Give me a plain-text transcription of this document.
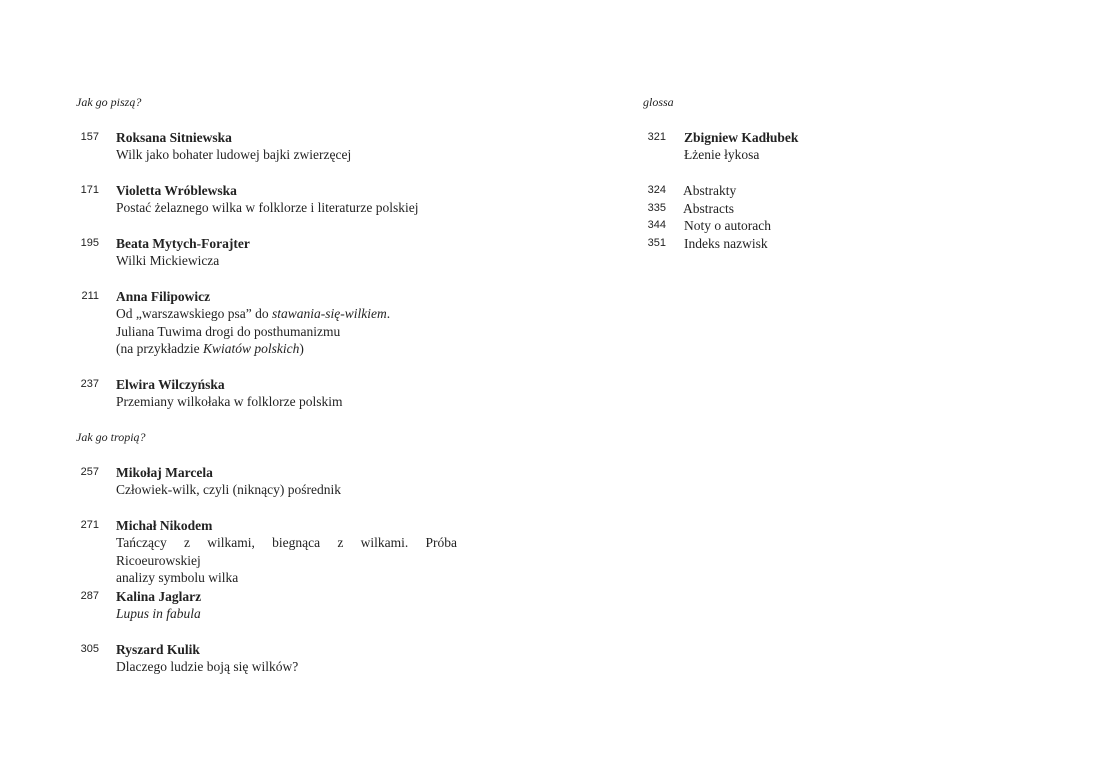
Jak go piszą?
157 Roksana Sitniewska
Wilk jako bohater ludowej bajki zwierzęcej
171 Violetta Wróblewska
Postać żelaznego wilka w folklorze i literaturze polskiej
195 Beata Mytych-Forajter
Wilki Mickiewicza
211 Anna Filipowicz
Od „warszawskiego psa” do stawania-się-wilkiem.
Juliana Tuwima drogi do posthumanizmu
(na przykładzie Kwiatów polskich)
237 Elwira Wilczyńska
Przemiany wilkołaka w folklorze polskim
Jak go tropią?
257 Mikołaj Marcela
Człowiek-wilk, czyli (niknący) pośrednik
271 Michał Nikodem
Tańczący z wilkami, biegnąca z wilkami. Próba Ricoeurowskiej
analizy symbolu wilka
287 Kalina Jaglarz
Lupus in fabula
305 Ryszard Kulik
Dlaczego ludzie boją się wilków?
glossa
321 Zbigniew Kadłubek
Łżenie łykosa
324 Abstrakty
335 Abstracts
344 Noty o autorach
351 Indeks nazwisk
